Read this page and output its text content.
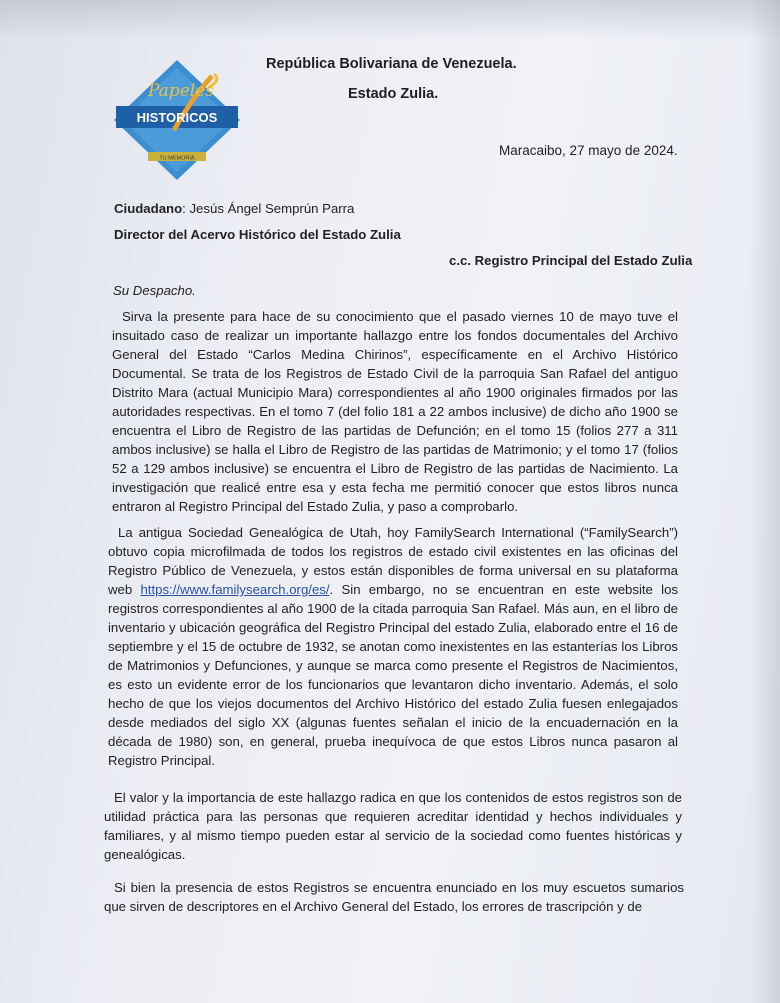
Papeles
HISTORICOS
TU MEMORIA
República Bolivariana de Venezuela.
Estado Zulia.
Maracaibo, 27 mayo de 2024.
Ciudadano: Jesús Ángel Semprún Parra
Director del Acervo Histórico del Estado Zulia
c.c. Registro Principal del Estado Zulia
Su Despacho.

Sirva la presente para hace de su conocimiento que el pasado viernes 10 de mayo tuve el insuitado caso de realizar un importante hallazgo entre los fondos documentales del Archivo General del Estado “Carlos Medina Chirinos”, específicamente en el Archivo Histórico Documental. Se trata de los Registros de Estado Civil de la parroquia San Rafael del antiguo Distrito Mara (actual Municipio Mara) correspondientes al año 1900 originales firmados por las autoridades respectivas. En el tomo 7 (del folio 181 a 22 ambos inclusive) de dicho año 1900 se encuentra el Libro de Registro de las partidas de Defunción; en el tomo 15 (folios 277 a 311 ambos inclusive) se halla el Libro de Registro de las partidas de Matrimonio; y el tomo 17 (folios 52 a 129 ambos inclusive) se encuentra el Libro de Registro de las partidas de Nacimiento. La investigación que realicé entre esa y esta fecha me permitió conocer que estos libros nunca entraron al Registro Principal del Estado Zulia, y paso a comprobarlo.

La antigua Sociedad Genealógica de Utah, hoy FamilySearch International (“FamilySearch”) obtuvo copia microfilmada de todos los registros de estado civil existentes en las oficinas del Registro Público de Venezuela, y estos están disponibles de forma universal en su plataforma web https://www.familysearch.org/es/. Sin embargo, no se encuentran en este website los registros correspondientes al año 1900 de la citada parroquia San Rafael. Más aun, en el libro de inventario y ubicación geográfica del Registro Principal del estado Zulia, elaborado entre el 16 de septiembre y el 15 de octubre de 1932, se anotan como inexistentes en las estanterías los Libros de Matrimonios y Defunciones, y aunque se marca como presente el Registros de Nacimientos, es esto un evidente error de los funcionarios que levantaron dicho inventario. Además, el solo hecho de que los viejos documentos del Archivo Histórico del estado Zulia fuesen enlegajados desde mediados del siglo XX (algunas fuentes señalan el inicio de la encuadernación en la década de 1980) son, en general, prueba inequívoca de que estos Libros nunca pasaron al Registro Principal.

El valor y la importancia de este hallazgo radica en que los contenidos de estos registros son de utilidad práctica para las personas que requieren acreditar identidad y hechos individuales y familiares, y al mismo tiempo pueden estar al servicio de la sociedad como fuentes históricas y genealógicas.

Si bien la presencia de estos Registros se encuentra enunciado en los muy escuetos sumarios que sirven de descriptores en el Archivo General del Estado, los errores de trascripción y de
